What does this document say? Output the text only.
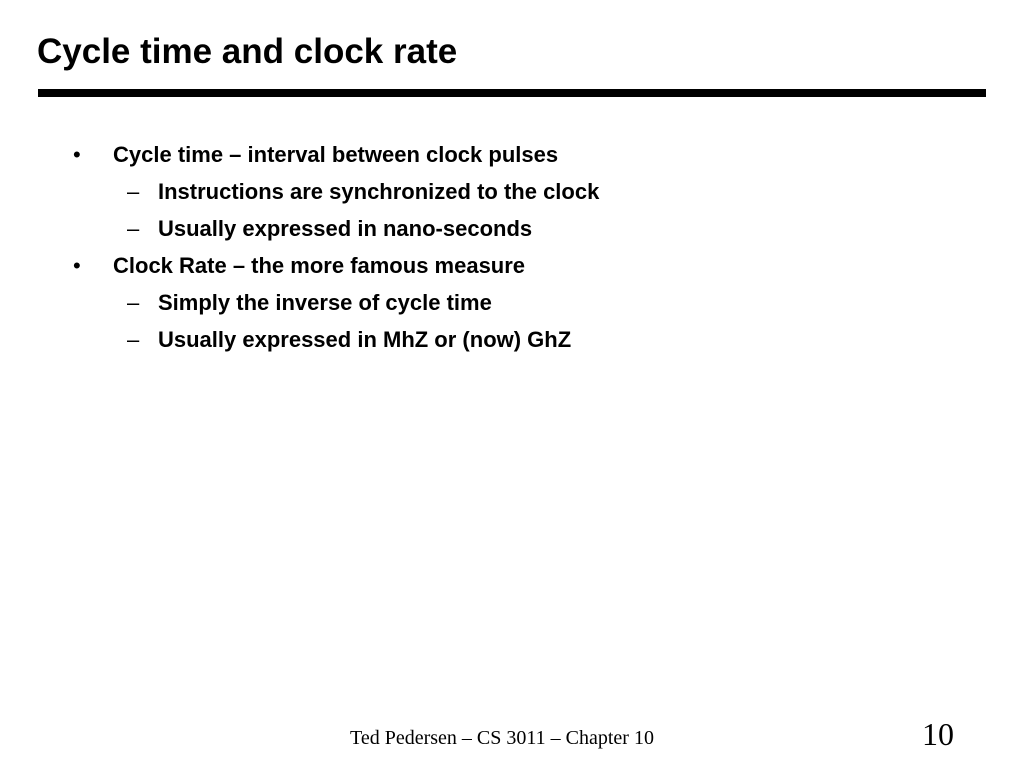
Cycle time and clock rate
• Cycle time – interval between clock pulses
– Instructions are synchronized to the clock
– Usually expressed in nano-seconds
• Clock Rate – the more famous measure
– Simply the inverse of cycle time
– Usually expressed in MhZ or (now) GhZ
Ted Pedersen – CS 3011 – Chapter 10	10
